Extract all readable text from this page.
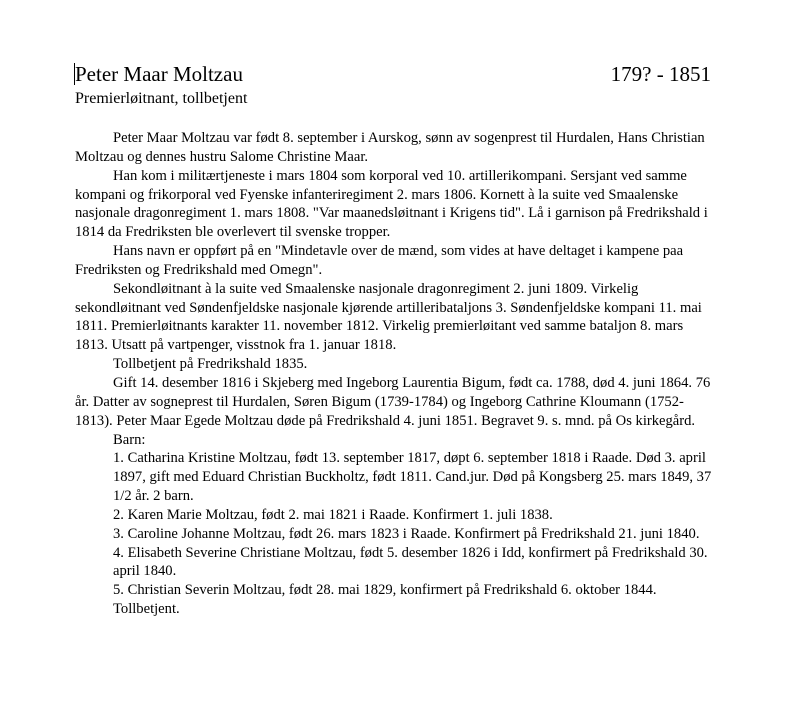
Peter Maar Moltzau	179? - 1851
Premierløitnant, tollbetjent

Peter Maar Moltzau var født 8. september i Aurskog, sønn av sogenprest til Hurdalen, Hans Christian Moltzau og dennes hustru Salome Christine Maar.

Han kom i militærtjeneste i mars 1804 som korporal ved 10. artillerikompani. Sersjant ved samme kompani og frikorporal ved Fyenske infanteriregiment 2. mars 1806. Kornett à la suite ved Smaalenske nasjonale dragonregiment 1. mars 1808. "Var maanedsløitnant i Krigens tid". Lå i garnison på Fredrikshald i 1814 da Fredriksten ble overlevert til svenske tropper.

Hans navn er oppført på en "Mindetavle over de mænd, som vides at have deltaget i kampene paa Fredriksten og Fredrikshald med Omegn".

Sekondløitnant à la suite ved Smaalenske nasjonale dragonregiment 2. juni 1809. Virkelig sekondløitnant ved Søndenfjeldske nasjonale kjørende artilleribataljons 3. Søndenfjeldske kompani 11. mai 1811. Premierløitnants karakter 11. november 1812. Virkelig premierløitant ved samme bataljon 8. mars 1813. Utsatt på vartpenger, visstnok fra 1. januar 1818.

Tollbetjent på Fredrikshald 1835.

Gift 14. desember 1816 i Skjeberg med Ingeborg Laurentia Bigum, født ca. 1788, død 4. juni 1864. 76 år. Datter av sogneprest til Hurdalen, Søren Bigum (1739-1784) og Ingeborg Cathrine Kloumann (1752-1813). Peter Maar Egede Moltzau døde på Fredrikshald 4. juni 1851. Begravet 9. s. mnd. på Os kirkegård.

Barn:

1. Catharina Kristine Moltzau, født 13. september 1817, døpt 6. september 1818 i Raade. Død 3. april 1897, gift med Eduard Christian Buckholtz, født 1811. Cand.jur. Død på Kongsberg 25. mars 1849, 37 1/2 år. 2 barn.
2. Karen Marie Moltzau, født 2. mai 1821 i Raade. Konfirmert 1. juli 1838.
3. Caroline Johanne Moltzau, født 26. mars 1823 i Raade. Konfirmert på Fredrikshald 21. juni 1840.
4. Elisabeth Severine Christiane Moltzau, født 5. desember 1826 i Idd, konfirmert på Fredrikshald 30. april 1840.
5. Christian Severin Moltzau, født 28. mai 1829, konfirmert på Fredrikshald 6. oktober 1844. Tollbetjent.
